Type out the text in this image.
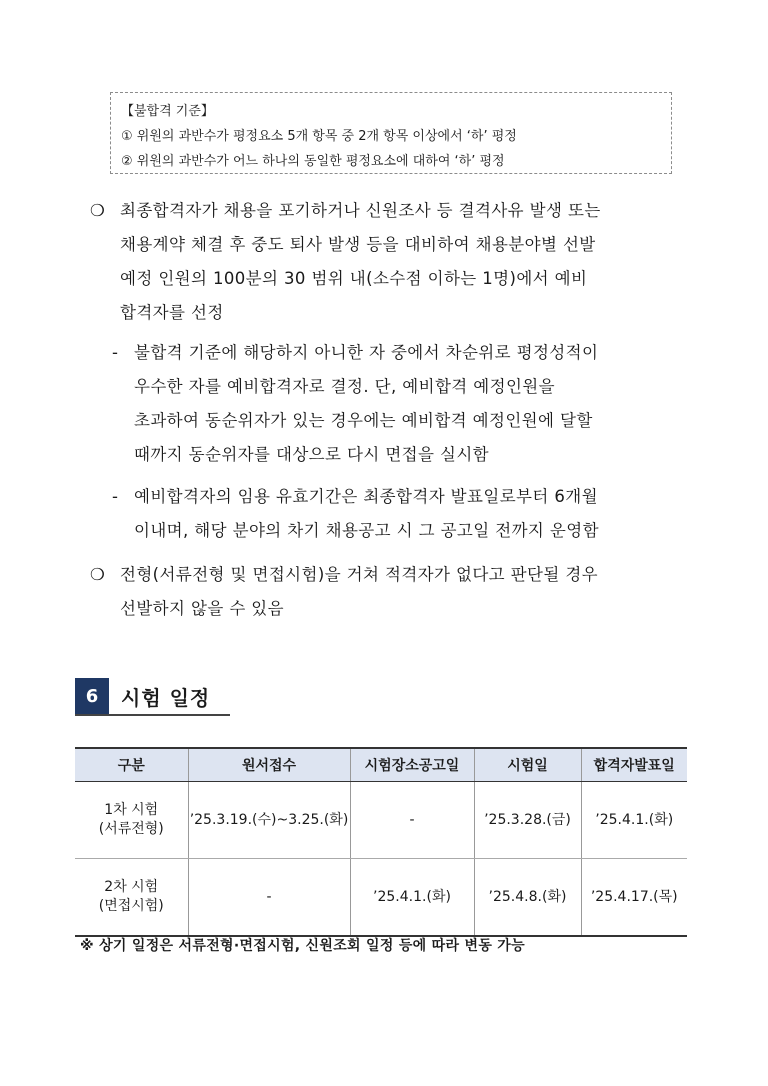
【불합격 기준】
① 위원의 과반수가 평정요소 5개 항목 중 2개 항목 이상에서 ‘하’ 평정
② 위원의 과반수가 어느 하나의 동일한 평정요소에 대하여 ‘하’ 평정
❍ 최종합격자가 채용을 포기하거나 신원조사 등 결격사유 발생 또는
채용계약 체결 후 중도 퇴사 발생 등을 대비하여 채용분야별 선발
예정 인원의 100분의 30 범위 내(소수점 이하는 1명)에서 예비
합격자를 선정
- 불합격 기준에 해당하지 아니한 자 중에서 차순위로 평정성적이
우수한 자를 예비합격자로 결정. 단, 예비합격 예정인원을
초과하여 동순위자가 있는 경우에는 예비합격 예정인원에 달할
때까지 동순위자를 대상으로 다시 면접을 실시함
- 예비합격자의 임용 유효기간은 최종합격자 발표일로부터 6개월
이내며, 해당 분야의 차기 채용공고 시 그 공고일 전까지 운영함
❍ 전형(서류전형 및 면접시험)을 거쳐 적격자가 없다고 판단될 경우
선발하지 않을 수 있음
6	시험 일정
구분	원서접수	시험장소공고일	시험일	합격자발표일

1차 시험
(서류전형)	’25.3.19.(수)~3.25.(화)	-	’25.3.28.(금)	’25.4.1.(화)

2차 시험
(면접시험)	-	’25.4.1.(화)	’25.4.8.(화)	’25.4.17.(목)
※ 상기 일정은 서류전형·면접시험, 신원조회 일정 등에 따라 변동 가능
